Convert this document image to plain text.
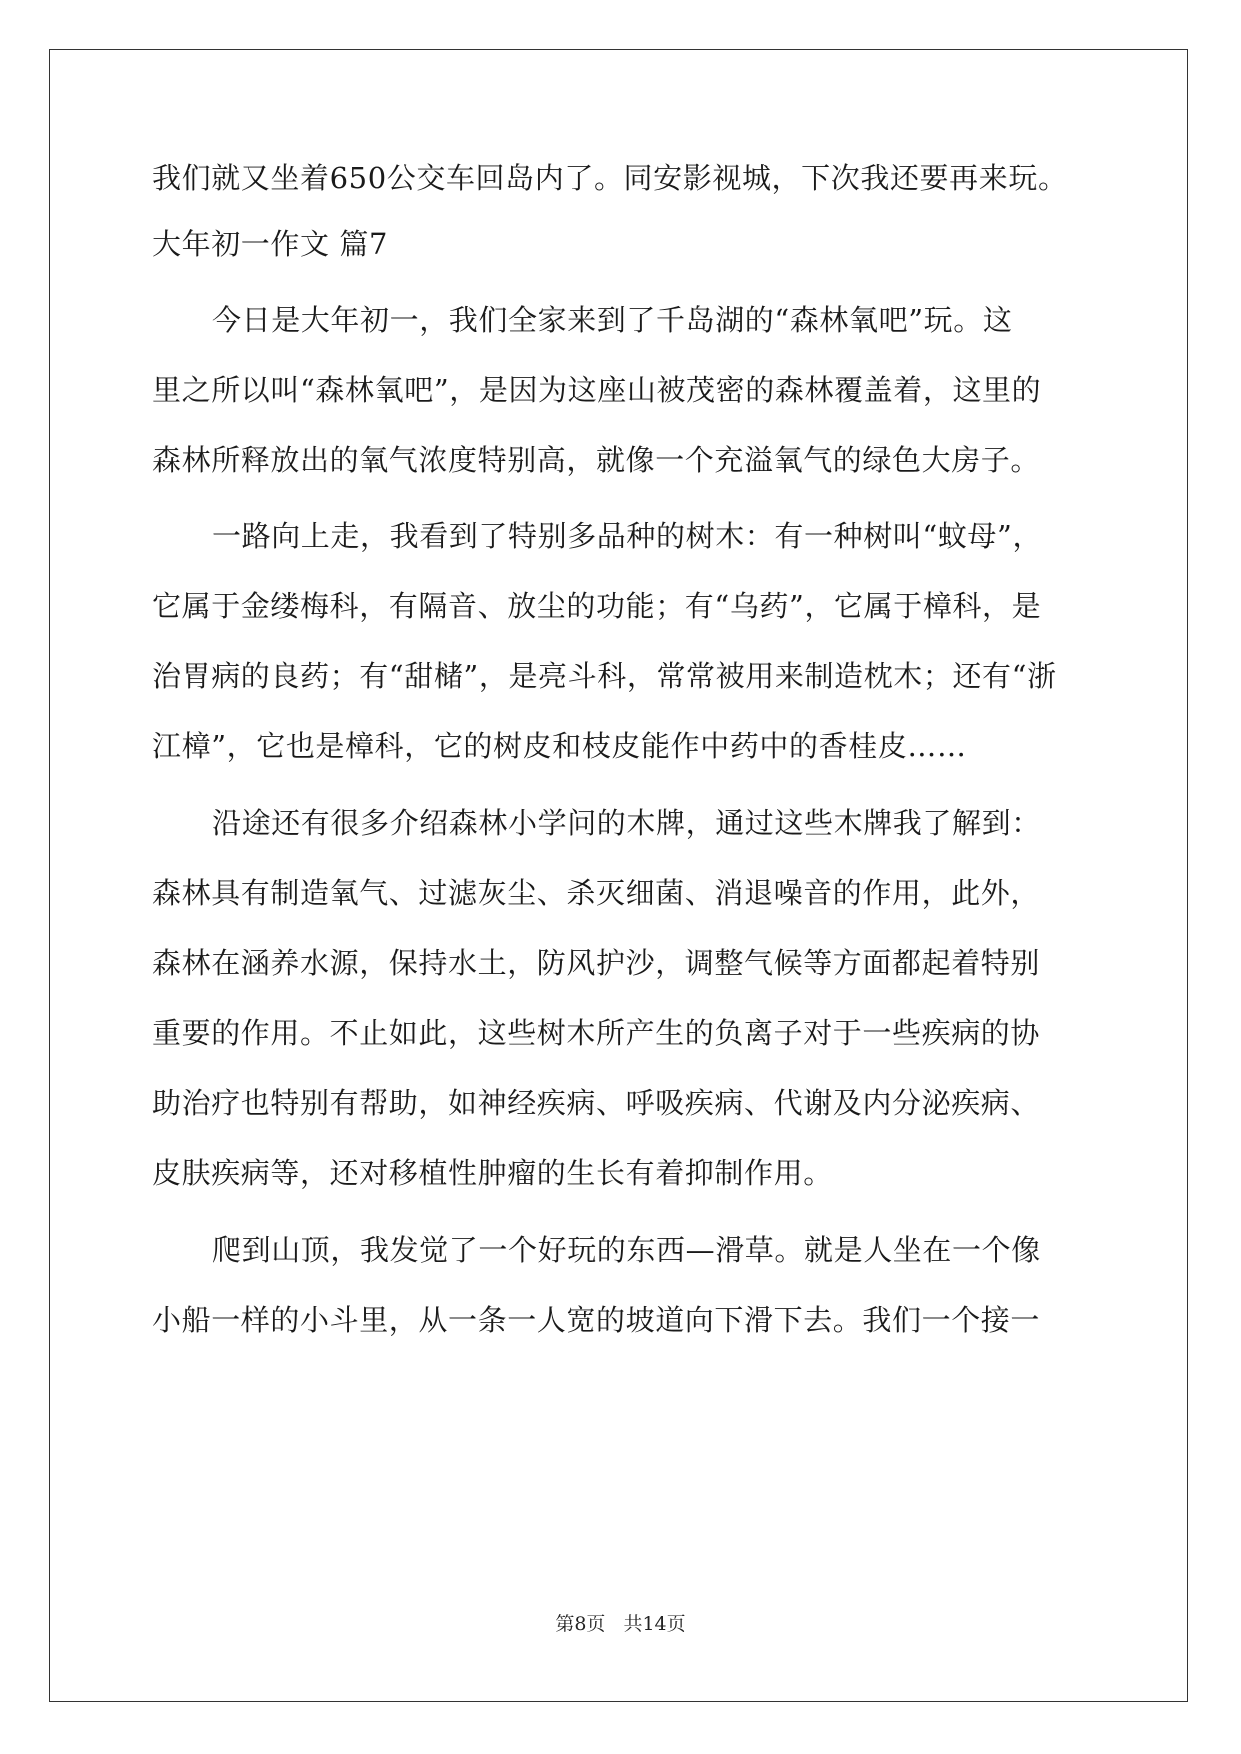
我们就又坐着650公交车回岛内了。同安影视城，下次我还要再来玩。

大年初一作文 篇7

今日是大年初一，我们全家来到了千岛湖的“森林氧吧”玩。这

里之所以叫“森林氧吧”，是因为这座山被茂密的森林覆盖着，这里的

森林所释放出的氧气浓度特别高，就像一个充溢氧气的绿色大房子。

一路向上走，我看到了特别多品种的树木：有一种树叫“蚊母”，

它属于金缕梅科，有隔音、放尘的功能；有“乌药”，它属于樟科，是

治胃病的良药；有“甜槠”，是亮斗科，常常被用来制造枕木；还有“浙

江樟”，它也是樟科，它的树皮和枝皮能作中药中的香桂皮……

沿途还有很多介绍森林小学问的木牌，通过这些木牌我了解到：

森林具有制造氧气、过滤灰尘、杀灭细菌、消退噪音的作用，此外，

森林在涵养水源，保持水土，防风护沙，调整气候等方面都起着特别

重要的作用。不止如此，这些树木所产生的负离子对于一些疾病的协

助治疗也特别有帮助，如神经疾病、呼吸疾病、代谢及内分泌疾病、

皮肤疾病等，还对移植性肿瘤的生长有着抑制作用。

爬到山顶，我发觉了一个好玩的东西—滑草。就是人坐在一个像

小船一样的小斗里，从一条一人宽的坡道向下滑下去。我们一个接一

第8页 共14页
